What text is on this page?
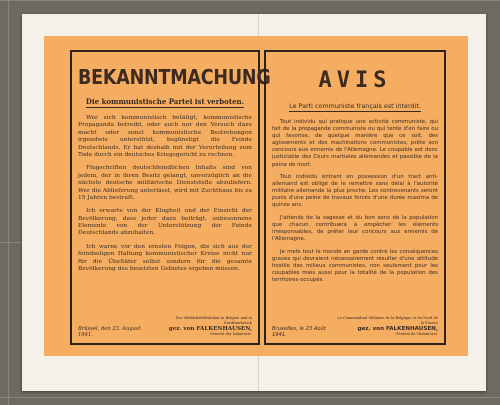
BEKANNTMACHUNG
Die kommunistische Partei ist verboten.

Wer sich kommunistisch betätigt, kommunistische Propaganda betreibt, oder auch nur den Versuch dazu macht oder sonst kommunistische Bestrebungen irgendwie unterstützt, begünstigt die Feinde Deutschlands. Er hat deshalb mit der Verurteilung zum Tode durch ein deutsches Kriegsgericht zu rechnen.

Flugschriften deutschfeindlichen Inhalts sind von jedem, der in ihren Besitz gelangt, unverzüglich an die nächste deutsche militärische Dienststelle abzuliefern. Wer die Ablieferung unterlässt, wird mit Zuchthaus bis zu 15 Jahren bestraft.

Ich erwarte von der Klugheit und der Einsicht der Bevölkerung, dass jeder dazu beiträgt, unbesonnene Elemente von der Unterstützung der Feinde Deutschlands abzuhalten.

Ich warne vor den ernsten Folgen, die sich aus der feindseligen Haltung kommunistischer Kreise nicht nur für die Übeltäter selbst sondern für die gesamte Bevölkerung des besetzten Gebietes ergeben müssen.

Brüssel, den 23. August 1941.
Der Militärbefehlshaber in Belgien und in Nordfrankreich
gez. von FALKENHAUSEN,
General der Infanterie.
AVIS
Le Parti communiste français est interdit.

Tout individu qui pratique une activité communiste, qui fait de la propagande communiste ou qui tente d'en faire ou qui favorise, de quelque manière que ce soit, des agissements et des machinations communistes, prête son concours aux ennemis de l'Allemagne. Le coupable est donc justiciable des Cours martiales allemandes et passible de la peine de mort.

Tout individu entrant en possession d'un tract anti-allemand est obligé de le remettre sans délai à l'autorité militaire allemande la plus proche. Les contrevenants seront punis d'une peine de travaux forcés d'une durée maxima de quinze ans.

J'attends de la sagesse et du bon sens de la population que chacun contribuera à empêcher les éléments irresponsables, de prêter leur concours aux ennemis de l'Allemagne.

Je mets tout le monde en garde contre les conséquences graves qui devraient nécessairement résulter d'une attitude hostile des milieux communistes, non seulement pour les coupables mais aussi pour la totalité de la population des territoires occupés.

Bruxelles, le 23 Août 1941.
Le Commandant Militaire de la Belgique et du Nord de la France
gez. von FALKENHAUSEN,
Général de l'Infanterie.
